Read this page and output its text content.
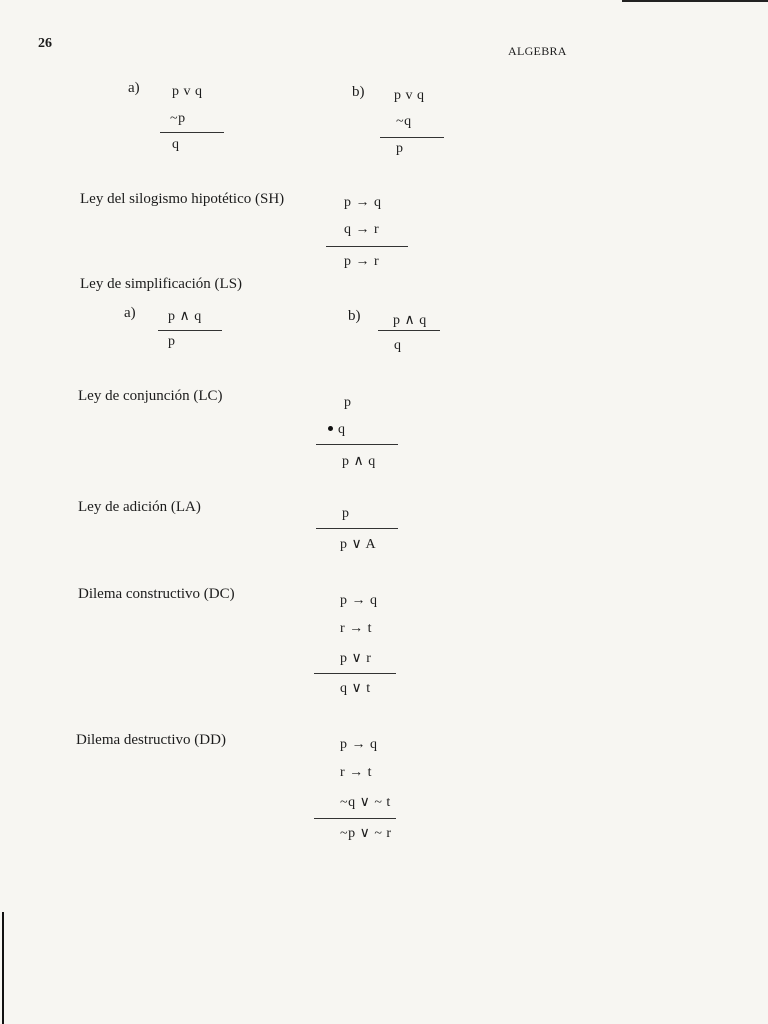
26	ALGEBRA
a) p v q
~p
q
b) p v q
~q
p
Ley del silogismo hipotético (SH)	p → q
q → r
p → r
Ley de simplificación (LS)
a) p ∧ q
p
b) p ∧ q
q
Ley de conjunción (LC)	p
q
p ∧ q
Ley de adición (LA)	p
p ∨ A
Dilema constructivo (DC)	p → q
r → t
p ∨ r
q ∨ t
Dilema destructivo (DD)	p → q
r → t
~q ∨ ~ t
~p ∨ ~ r
